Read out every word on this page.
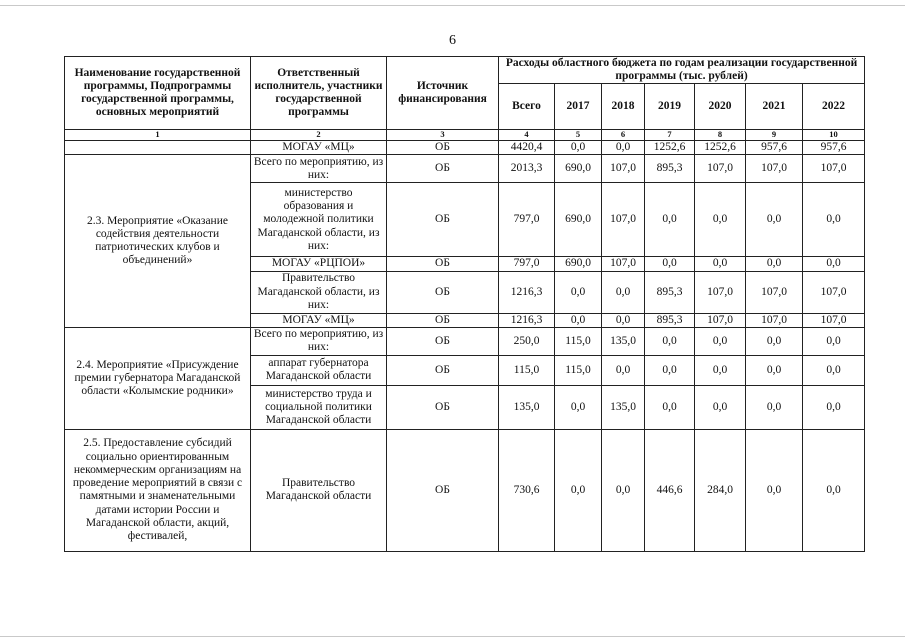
6
Наименование государственной программы, Подпрограммы государственной программы, основных мероприятий	Ответственный исполнитель, участники государственной программы	Источник финансирования	Расходы областного бюджета по годам реализации государственной программы (тыс. рублей)						
			Всего	2017	2018	2019	2020	2021	2022
1	2	3	4	5	6	7	8	9	10
	МОГАУ «МЦ»	ОБ	4420,4	0,0	0,0	1252,6	1252,6	957,6	957,6
2.3. Мероприятие «Оказание содействия деятельности патриотических клубов и объединений»	Всего по мероприятию, из них:	ОБ	2013,3	690,0	107,0	895,3	107,0	107,0	107,0
	министерство образования и молодежной политики Магаданской области, из них:	ОБ	797,0	690,0	107,0	0,0	0,0	0,0	0,0
	МОГАУ «РЦПОИ»	ОБ	797,0	690,0	107,0	0,0	0,0	0,0	0,0
	Правительство Магаданской области, из них:	ОБ	1216,3	0,0	0,0	895,3	107,0	107,0	107,0
	МОГАУ «МЦ»	ОБ	1216,3	0,0	0,0	895,3	107,0	107,0	107,0
2.4. Мероприятие «Присуждение премии губернатора Магаданской области «Колымские родники»	Всего по мероприятию, из них:	ОБ	250,0	115,0	135,0	0,0	0,0	0,0	0,0
	аппарат губернатора Магаданской области	ОБ	115,0	115,0	0,0	0,0	0,0	0,0	0,0
	министерство труда и социальной политики Магаданской области	ОБ	135,0	0,0	135,0	0,0	0,0	0,0	0,0
2.5. Предоставление субсидий социально ориентированным некоммерческим организациям на проведение мероприятий в связи с памятными и знаменательными датами истории России и Магаданской области, акций, фестивалей,	Правительство Магаданской области	ОБ	730,6	0,0	0,0	446,6	284,0	0,0	0,0
